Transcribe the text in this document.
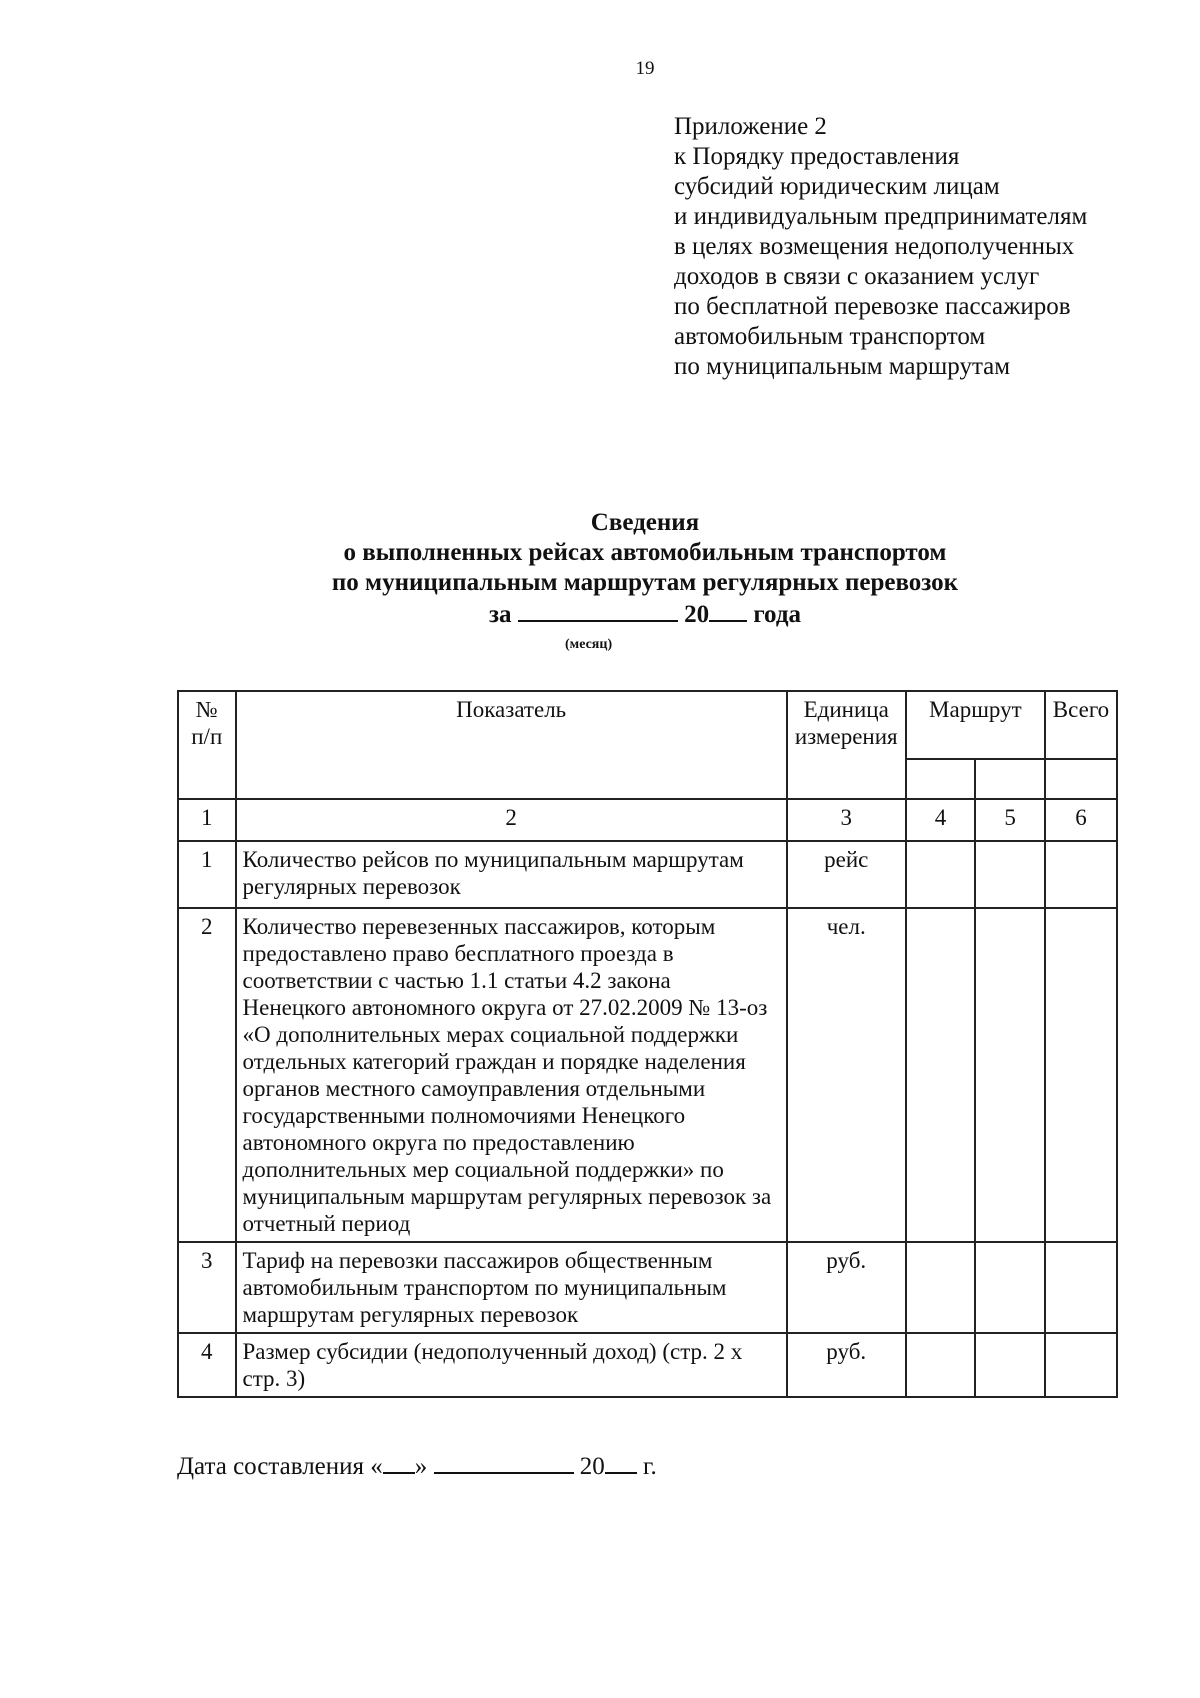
19
Приложение 2
к Порядку предоставления
субсидий юридическим лицам
и индивидуальным предпринимателям
в целях возмещения недополученных
доходов в связи с оказанием услуг
по бесплатной перевозке пассажиров
автомобильным транспортом
по муниципальным маршрутам
Сведения
о выполненных рейсах автомобильным транспортом
по муниципальным маршрутам регулярных перевозок
за	20 года
(месяц)
№ п/п	Показатель	Единица измерения	Маршрут		Всего

1	2	3	4	5	6
1	Количество рейсов по муниципальным маршрутам регулярных перевозок	рейс			
2	Количество перевезенных пассажиров, которым предоставлено право бесплатного проезда в соответствии с частью 1.1 статьи 4.2 закона Ненецкого автономного округа от 27.02.2009 № 13-оз «О дополнительных мерах социальной поддержки отдельных категорий граждан и порядке наделения органов местного самоуправления отдельными государственными полномочиями Ненецкого автономного округа по предоставлению дополнительных мер социальной поддержки» по муниципальным маршрутам регулярных перевозок за отчетный период	чел.			
3	Тариф на перевозки пассажиров общественным автомобильным транспортом по муниципальным маршрутам регулярных перевозок	руб.			
4	Размер субсидии (недополученный доход) (стр. 2 х стр. 3)	руб.			
Дата составления « »	20 г.
